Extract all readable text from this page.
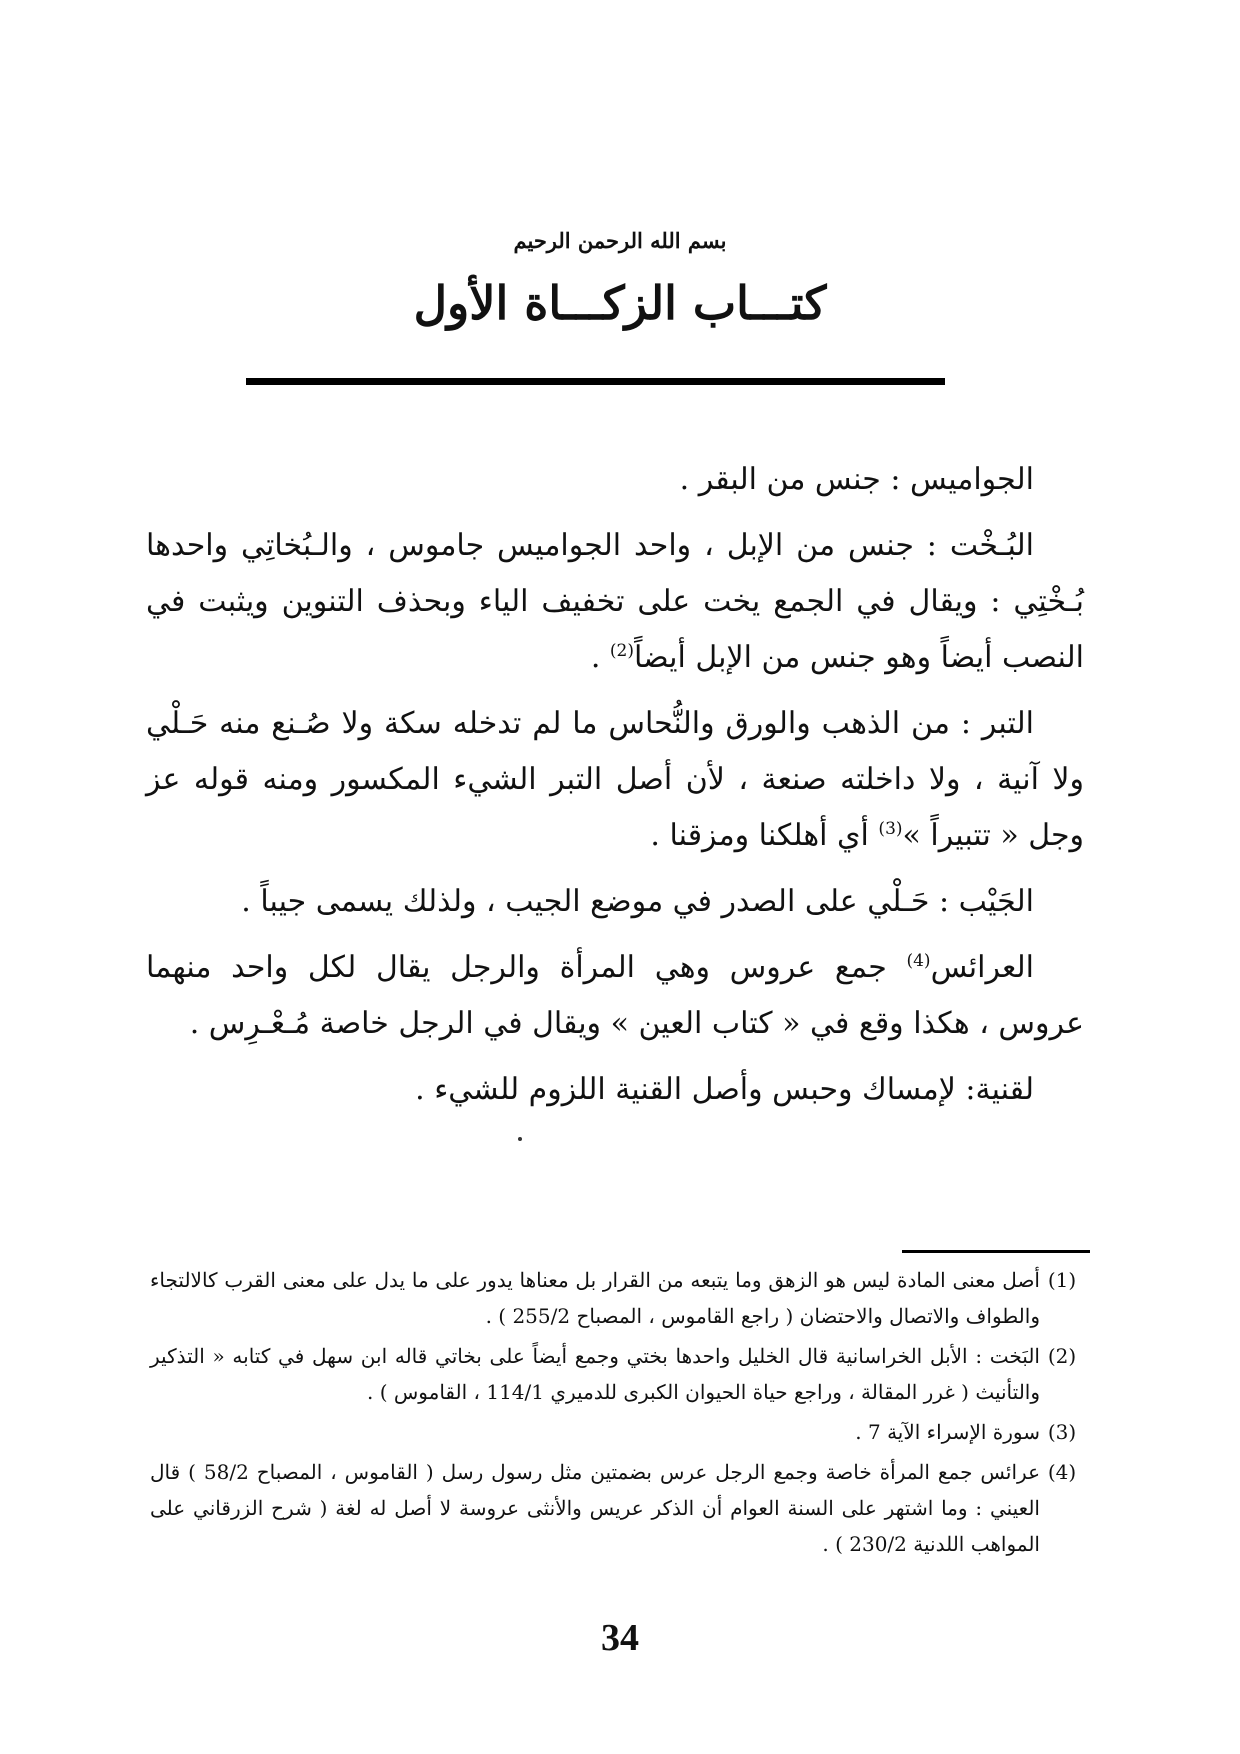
بسم الله الرحمن الرحيم
كتـــاب الزكـــاة الأول

الجواميس : جنس من البقر .

البُـخْت : جنس من الإبل ، واحد الجواميس جاموس ، والـبُخاتِي واحدها بُـخْتِي : ويقال في الجمع يخت على تخفيف الياء وبحذف التنوين ويثبت في النصب أيضاً وهو جنس من الإبل أيضاً$^{(2)}$ .

التبر : من الذهب والورق والنُّحاس ما لم تدخله سكة ولا صُـنع منه حَـلْي ولا آنية ، ولا داخلته صنعة ، لأن أصل التبر الشيء المكسور ومنه قوله عز وجل « تتبيراً »$^{(3)}$ أي أهلكنا ومزقنا .

الجَيْب : حَـلْي على الصدر في موضع الجيب ، ولذلك يسمى جيباً .

العرائس$^{(4)}$ جمع عروس وهي المرأة والرجل يقال لكل واحد منهما عروس ، هكذا وقع في « كتاب العين » ويقال في الرجل خاصة مُـعْـرِس .

لقنية: لإمساك وحبس وأصل القنية اللزوم للشيء .

(1)أصل معنى المادة ليس هو الزهق وما يتبعه من القرار بل معناها يدور على ما يدل على معنى القرب كالالتجاء والطواف والاتصال والاحتضان ( راجع القاموس ، المصباح 255/2 ) .

(2)البَخت : الأبل الخراسانية قال الخليل واحدها بختي وجمع أيضاً على بخاتي قاله ابن سهل في كتابه « التذكير والتأنيث ( غرر المقالة ، وراجع حياة الحيوان الكبرى للدميري 114/1 ، القاموس ) .

(3)سورة الإسراء الآية 7 .

(4)عرائس جمع المرأة خاصة وجمع الرجل عرس بضمتين مثل رسول رسل ( القاموس ، المصباح 58/2 ) قال العيني : وما اشتهر على السنة العوام أن الذكر عريس والأنثى عروسة لا أصل له لغة ( شرح الزرقاني على المواهب اللدنية 230/2 ) .

34
